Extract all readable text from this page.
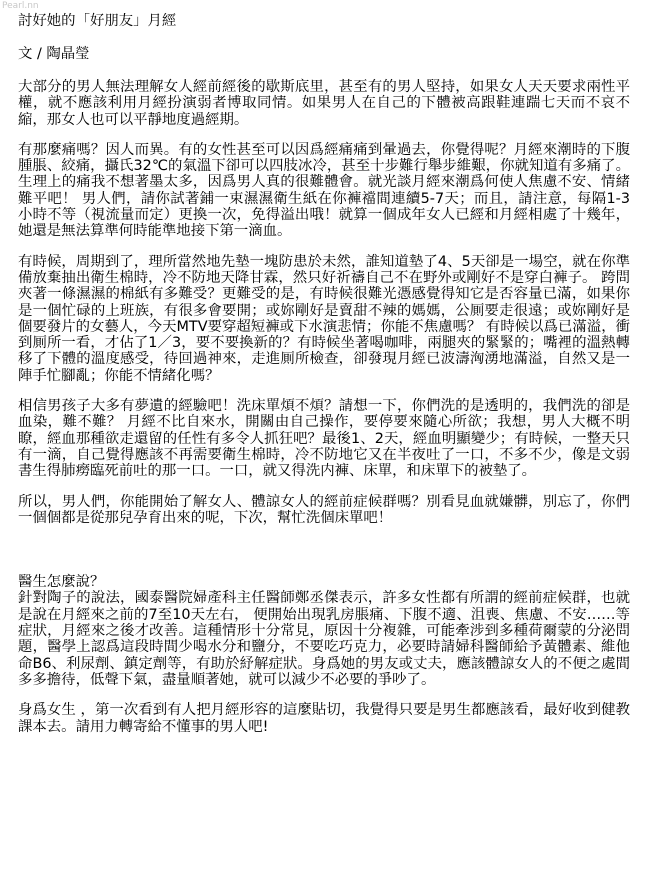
Pearl.nn
討好她的「好朋友」月經

文 / 陶晶瑩

大部分的男人無法理解女人經前經後的歇斯底里，甚至有的男人堅持，如果女人天天要求兩性平權，就不應該利用月經扮演弱者博取同情。如果男人在自己的下體被高跟鞋連踹七天而不哀不縮，那女人也可以平靜地度過經期。

有那麼痛嗎？因人而異。有的女性甚至可以因爲經痛痛到暈過去，你覺得呢？月經來潮時的下腹腫脹、絞痛，攝氏32℃的氣溫下卻可以四肢冰冷，甚至十步難行舉步維艱，你就知道有多痛了。生理上的痛我不想著墨太多，因爲男人真的很難體會。就光談月經來潮爲何使人焦慮不安、情緒難平吧！ 男人們，請你試著鋪一束濕濕衛生紙在你褲襠間連續5-7天；而且，請注意，每隔1-3小時不等（視流量而定）更換一次，免得溢出哦！就算一個成年女人已經和月經相處了十幾年，她還是無法算準何時能準地接下第一滴血。

有時候，周期到了，理所當然地先墊一塊防患於未然，誰知道墊了4、5天卻是一場空，就在你準備放棄抽出衛生棉時，冷不防地天降甘霖，然只好祈禱自己不在野外或剛好不是穿白褲子。 跨問夾著一條濕濕的棉紙有多難受？更難受的是，有時候很難光憑感覺得知它是否容量已滿，如果你是一個忙碌的上班族，有很多會要開；或妳剛好是賣甜不辣的媽媽，公厠要走很遠；或妳剛好是個要發片的女藝人，今天MTV要穿超短褲或下水演悲情；你能不焦慮嗎？ 有時候以爲已滿溢，衝到厠所一看，才佔了1／3，要不要換新的？有時候坐著喝咖啡，兩腿夾的緊緊的；嘴裡的溫熱轉移了下體的溫度感受，待回過神來，走進厠所檢查，卻發現月經已波濤洶湧地滿溢，自然又是一陣手忙腳亂；你能不情緒化嗎？

相信男孩子大多有夢遺的經驗吧！洗床單煩不煩？請想一下，你們洗的是透明的，我們洗的卻是血染，難不難？ 月經不比自來水，開關由自己操作，要停要來隨心所欲；我想，男人大概不明瞭，經血那種欲走還留的任性有多令人抓狂吧？最後1、2天，經血明顯變少；有時候，一整天只有一滴，自己覺得應該不再需要衛生棉時，冷不防地它又在半夜吐了一口，不多不少，像是文弱書生得肺癆臨死前吐的那一口。一口，就又得洗内褲、床單，和床單下的被墊了。

所以，男人們，你能開始了解女人、體諒女人的經前症候群嗎？別看見血就嫌髒，別忘了，你們一個個都是從那兒孕育出來的呢，下次，幫忙洗個床單吧！

醫生怎麼說？

針對陶子的說法，國泰醫院婦產科主任醫師鄭丞傑表示，許多女性都有所謂的經前症候群，也就是說在月經來之前的7至10天左右， 便開始出現乳房脹痛、下腹不適、沮喪、焦慮、不安……等症狀，月經來之後才改善。這種情形十分常見，原因十分複雜，可能牽涉到多種荷爾蒙的分泌問題，醫學上認爲這段時間少喝水分和鹽分，不要吃巧克力，必要時請婦科醫師給予黃體素、維他命B6、利尿劑、鎮定劑等，有助於紓解症狀。身爲她的男友或丈夫，應該體諒女人的不便之處間多多擔待，低聲下氣，盡量順著她，就可以減少不必要的爭吵了。

身爲女生 ，第一次看到有人把月經形容的這麼貼切，我覺得只要是男生都應該看，最好收到健教課本去。請用力轉寄給不懂事的男人吧!
